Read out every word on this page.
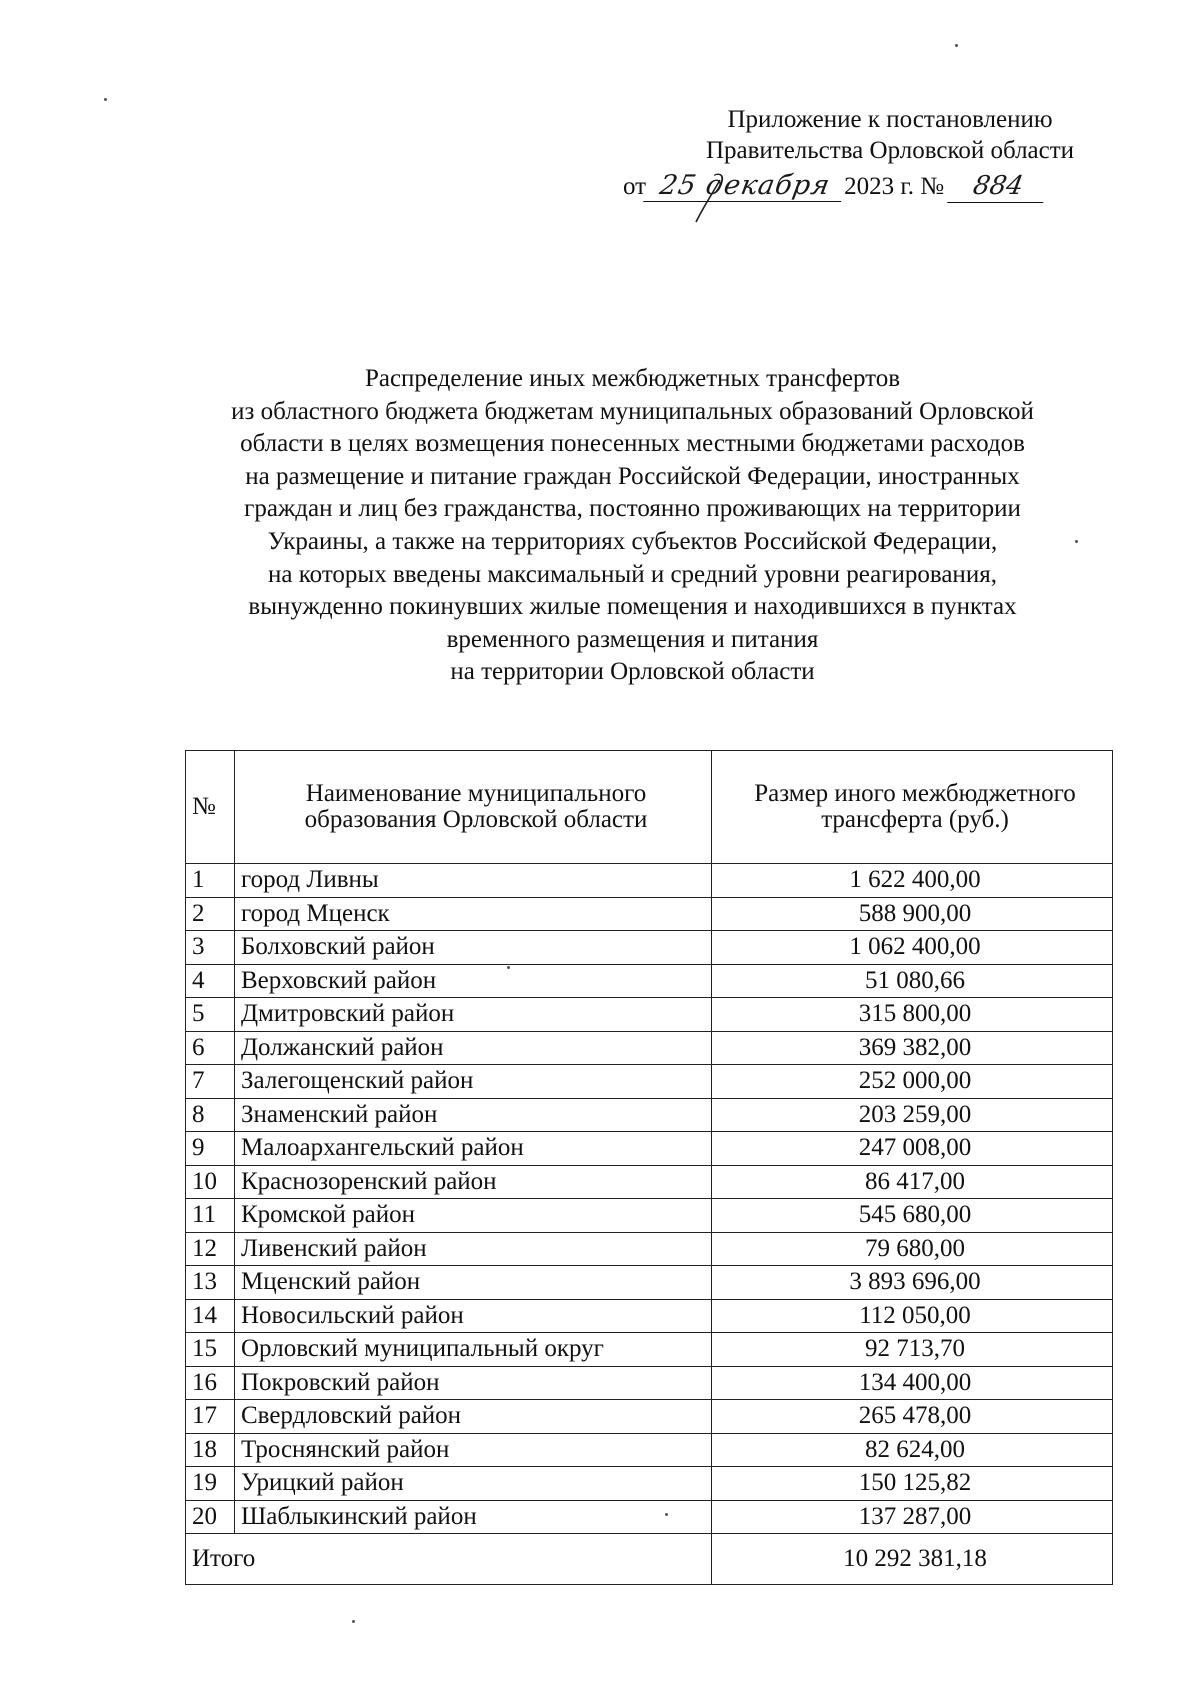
Приложение к постановлению
Правительства Орловской области
от 25 декабря 2023 г. № 884
Распределение иных межбюджетных трансфертов
из областного бюджета бюджетам муниципальных образований Орловской
области в целях возмещения понесенных местными бюджетами расходов
на размещение и питание граждан Российской Федерации, иностранных
граждан и лиц без гражданства, постоянно проживающих на территории
Украины, а также на территориях субъектов Российской Федерации,
на которых введены максимальный и средний уровни реагирования,
вынужденно покинувших жилые помещения и находившихся в пунктах
временного размещения и питания
на территории Орловской области
№	Наименование муниципального образования Орловской области	Размер иного межбюджетного трансферта (руб.)
1	город Ливны	1 622 400,00
2	город Мценск	588 900,00
3	Болховский район	1 062 400,00
4	Верховский район	51 080,66
5	Дмитровский район	315 800,00
6	Должанский район	369 382,00
7	Залегощенский район	252 000,00
8	Знаменский район	203 259,00
9	Малоархангельский район	247 008,00
10	Краснозоренский район	86 417,00
11	Кромской район	545 680,00
12	Ливенский район	79 680,00
13	Мценский район	3 893 696,00
14	Новосильский район	112 050,00
15	Орловский муниципальный округ	92 713,70
16	Покровский район	134 400,00
17	Свердловский район	265 478,00
18	Троснянский район	82 624,00
19	Урицкий район	150 125,82
20	Шаблыкинский район	137 287,00
Итого		10 292 381,18
